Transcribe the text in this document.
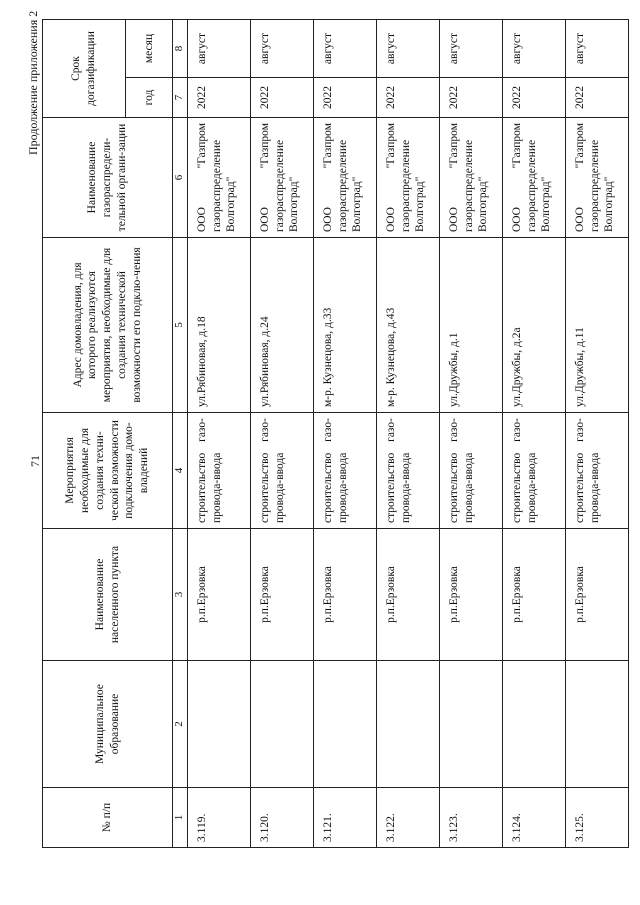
71
Продолжение приложения 2
№ п/п	Муниципальное образование	Наименование населенного пункта	Мероприятия необходимые для создания техни-ческой возможности подключения домо-владений	Адрес домовладения, для которого реализуются мероприятия, необходимые для создания технической возможности его подклю-чения	Наименование газораспредели-тельной органи-зации	Срок догазификации	
						год	месяц
1	2	3	4	5	6	7	8
3.119.		р.п.Ерзовка	строительство газо-провода-ввода	ул.Рябиновая, д.18	ООО "Газпром газораспределение Волгоград"	2022	август
3.120.		р.п.Ерзовка	строительство газо-провода-ввода	ул.Рябиновая, д.24	ООО "Газпром газораспределение Волгоград"	2022	август
3.121.		р.п.Ерзовка	строительство газо-провода-ввода	м-р. Кузнецова, д.33	ООО "Газпром газораспределение Волгоград"	2022	август
3.122.		р.п.Ерзовка	строительство газо-провода-ввода	м-р. Кузнецова, д.43	ООО "Газпром газораспределение Волгоград"	2022	август
3.123.		р.п.Ерзовка	строительство газо-провода-ввода	ул.Дружбы, д.1	ООО "Газпром газораспределение Волгоград"	2022	август
3.124.		р.п.Ерзовка	строительство газо-провода-ввода	ул.Дружбы, д.2а	ООО "Газпром газораспределение Волгоград"	2022	август
3.125.		р.п.Ерзовка	строительство газо-провода-ввода	ул.Дружбы, д.11	ООО "Газпром газораспределение Волгоград"	2022	август
